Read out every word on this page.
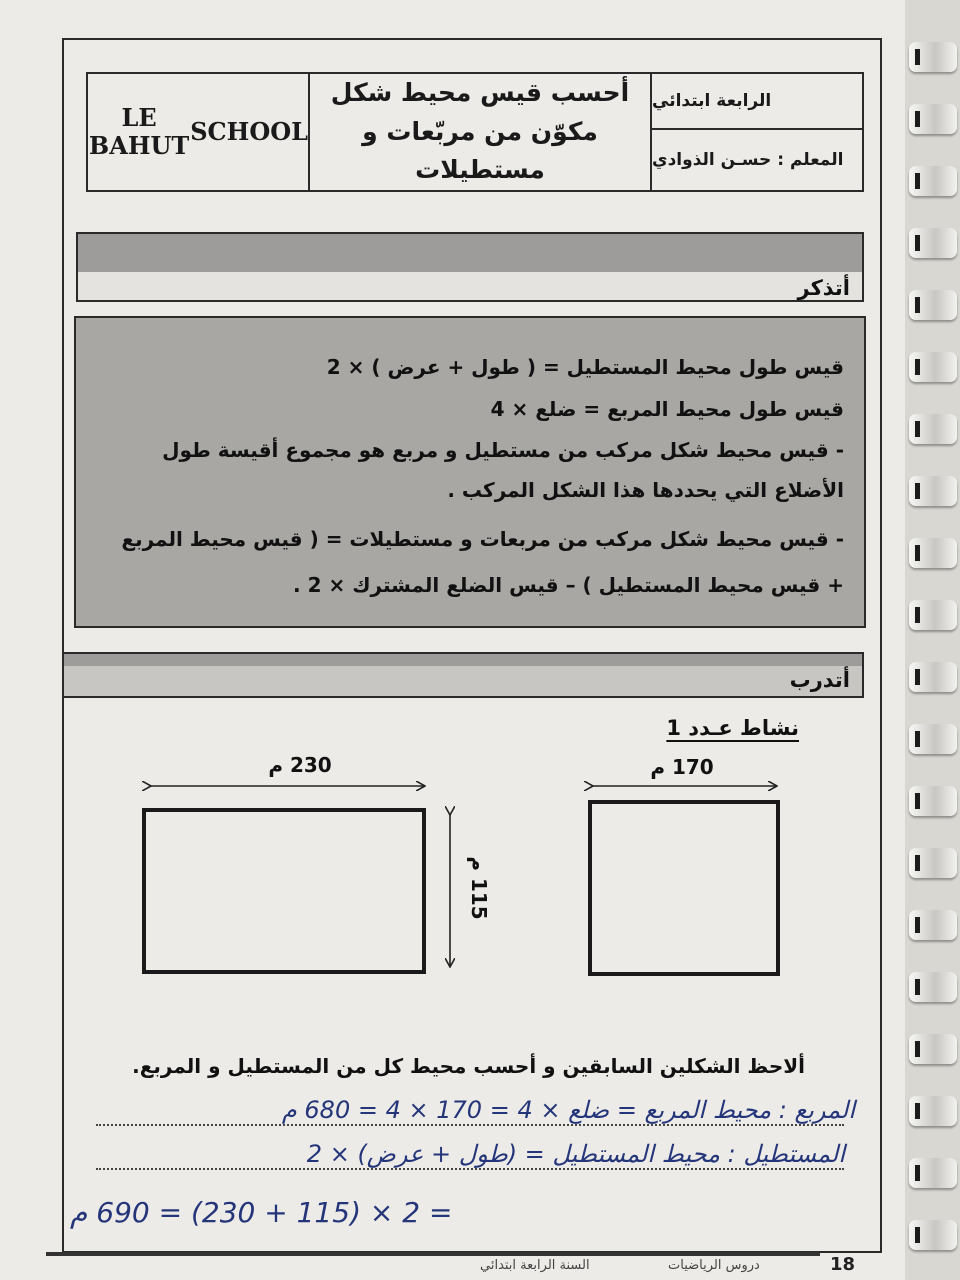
LE BAHUT SCHOOL
أحسب قيس محيط شكل مكوّن من مربّعات و مستطيلات
الرابعة ابتدائي
المعلم : حسـن الذوادي
أتذكر
قيس طول محيط المستطيل = ( طول + عرض ) × 2
قيس طول محيط المربع = ضلع × 4
- قيس محيط شكل مركب من مستطيل و مربع هو مجموع أقيسة طول الأضلاع التي يحددها هذا الشكل المركب .
- قيس محيط شكل مركب من مربعات و مستطيلات = ( قيس محيط المربع + قيس محيط المستطيل ) – قيس الضلع المشترك × 2 .
أتدرب
نشاط عـدد 1
230 م
115 م
170 م
ألاحظ الشكلين السابقين و أحسب محيط كل من المستطيل و المربع.
المربع : محيط المربع = ضلع × 4 = 170 × 4 = 680 م
المستطيل : محيط المستطيل = (طول + عرض) × 2
= 2 × (115 + 230) = 690 م
18
دروس الرياضيات
السنة الرابعة ابتدائي
